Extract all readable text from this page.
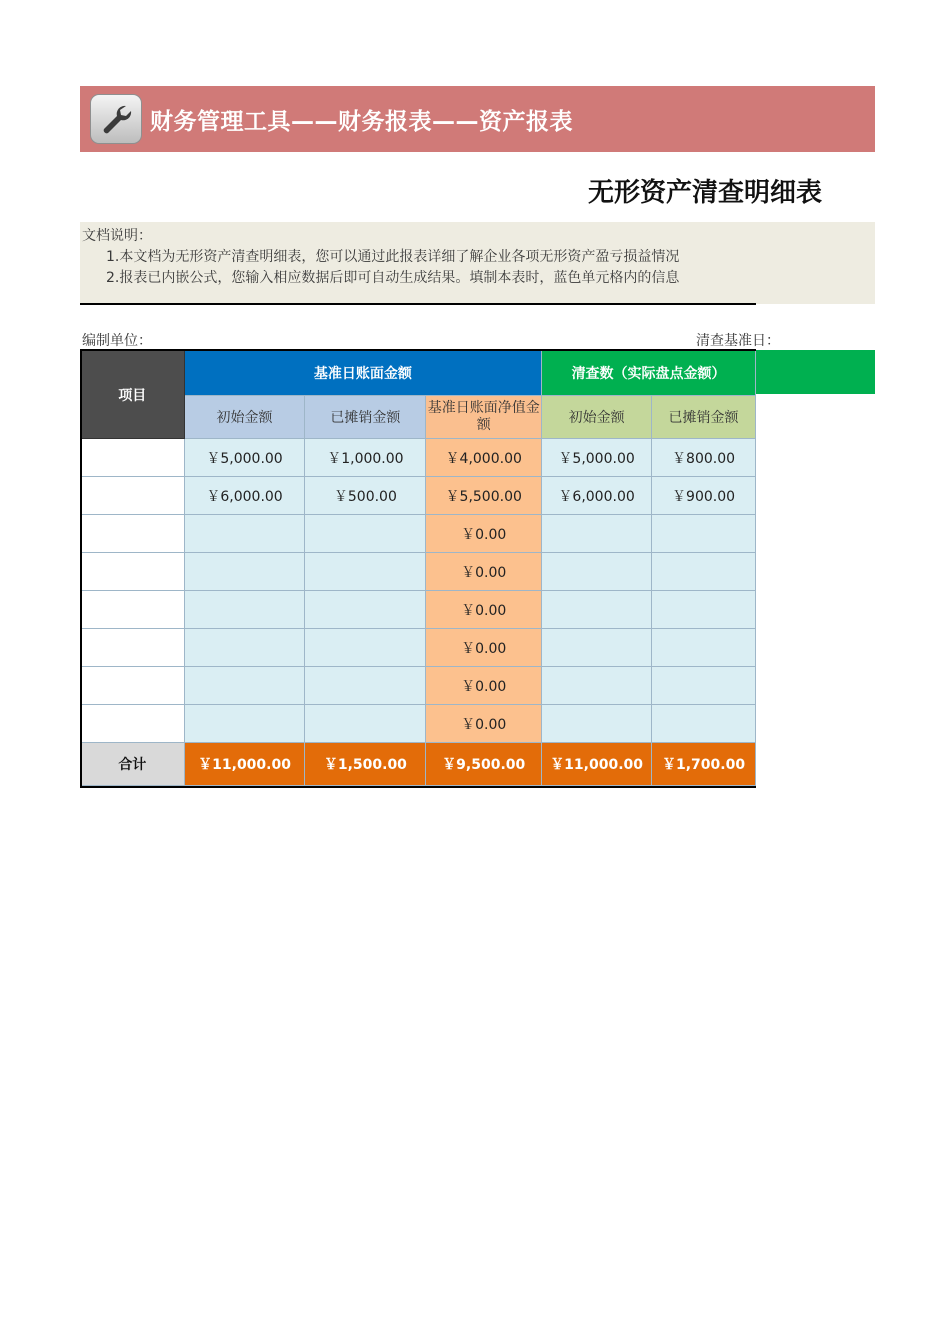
财务管理工具——财务报表——资产报表
编制单位：
无形资产清查明细表
文档说明：
1.本文档为无形资产清查明细表，您可以通过此报表详细了解企业各项无形资产盈亏损益情况
2.报表已内嵌公式，您输入相应数据后即可自动生成结果。填制本表时，蓝色单元格内的信息
清查基准日：
项目	基准日账面金额			清查数（实际盘点金额）	
	初始金额	已摊销金额	基准日账面净值金额	初始金额	已摊销金额
	￥5,000.00	￥1,000.00	￥4,000.00	￥5,000.00	￥800.00
	￥6,000.00	￥500.00	￥5,500.00	￥6,000.00	￥900.00
			￥0.00		
			￥0.00		
			￥0.00		
			￥0.00		
			￥0.00		
			￥0.00		
合计	￥11,000.00	￥1,500.00	￥9,500.00	￥11,000.00	￥1,700.00
